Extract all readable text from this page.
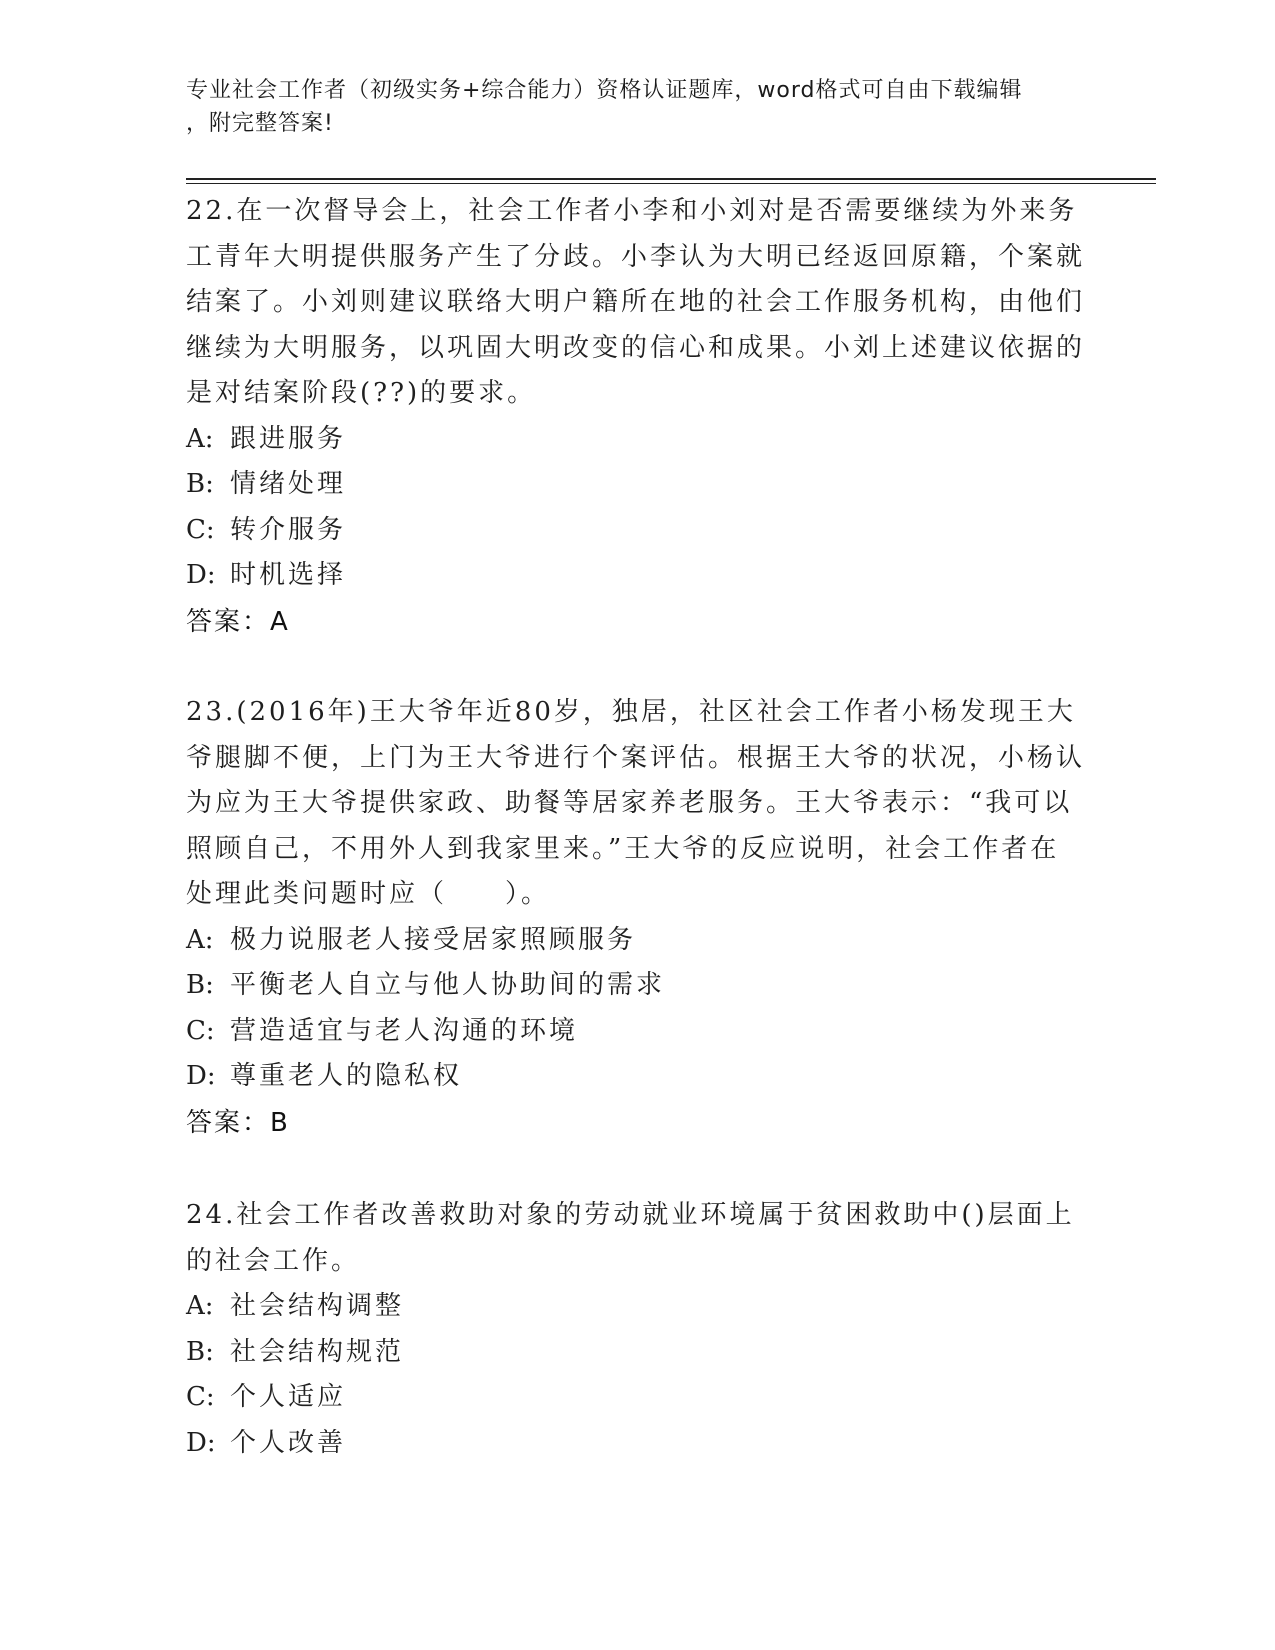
专业社会工作者（初级实务+综合能力）资格认证题库，word格式可自由下载编辑
，附完整答案!

22.在一次督导会上，社会工作者小李和小刘对是否需要继续为外来务工青年大明提供服务产生了分歧。小李认为大明已经返回原籍，个案就结案了。小刘则建议联络大明户籍所在地的社会工作服务机构，由他们继续为大明服务，以巩固大明改变的信心和成果。小刘上述建议依据的是对结案阶段(??)的要求。

A: 跟进服务

B: 情绪处理

C: 转介服务

D: 时机选择

答案：A

23.(2016年)王大爷年近80岁，独居，社区社会工作者小杨发现王大爷腿脚不便，上门为王大爷进行个案评估。根据王大爷的状况，小杨认为应为王大爷提供家政、助餐等居家养老服务。王大爷表示：“我可以照顾自己，不用外人到我家里来。”王大爷的反应说明，社会工作者在处理此类问题时应（　　）。

A: 极力说服老人接受居家照顾服务

B: 平衡老人自立与他人协助间的需求

C: 营造适宜与老人沟通的环境

D: 尊重老人的隐私权

答案：B

24.社会工作者改善救助对象的劳动就业环境属于贫困救助中()层面上的社会工作。

A: 社会结构调整

B: 社会结构规范

C: 个人适应

D: 个人改善
